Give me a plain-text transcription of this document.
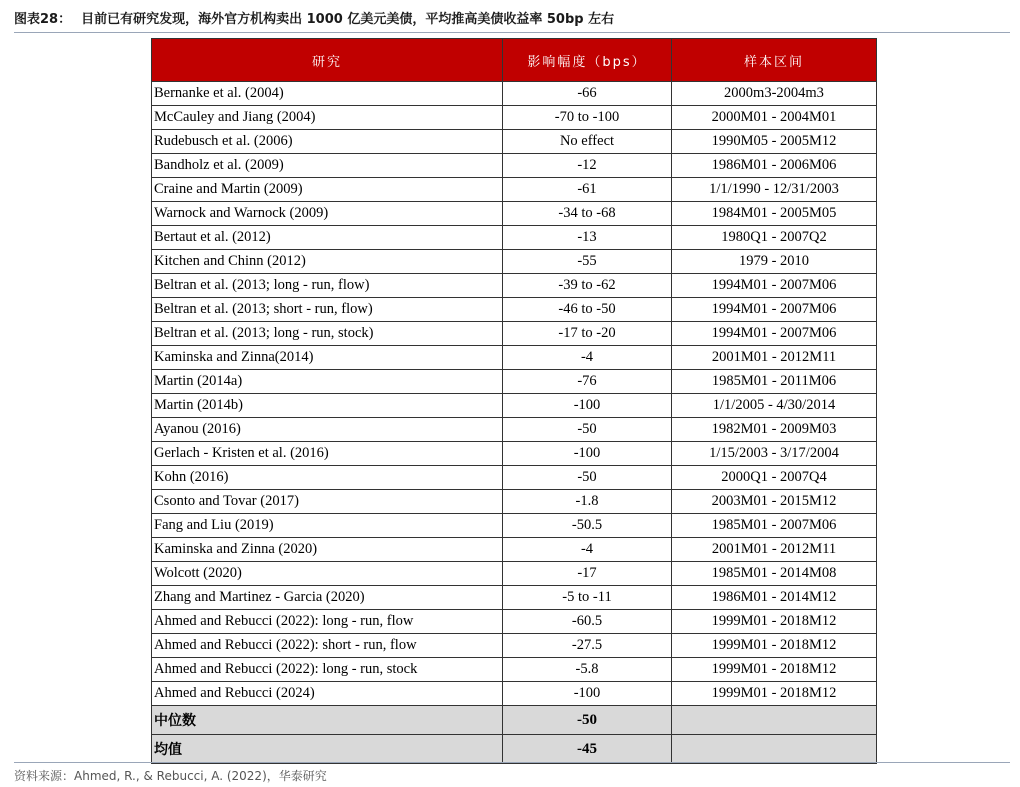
图表28： 目前已有研究发现，海外官方机构卖出 1000 亿美元美债，平均推高美债收益率 50bp 左右
研究	影响幅度（bps）	样本区间
Bernanke et al. (2004)	-66	2000m3-2004m3
McCauley and Jiang (2004)	-70 to -100	2000M01 - 2004M01
Rudebusch et al. (2006)	No effect	1990M05 - 2005M12
Bandholz et al. (2009)	-12	1986M01 - 2006M06
Craine and Martin (2009)	-61	1/1/1990 - 12/31/2003
Warnock and Warnock (2009)	-34 to -68	1984M01 - 2005M05
Bertaut et al. (2012)	-13	1980Q1 - 2007Q2
Kitchen and Chinn (2012)	-55	1979 - 2010
Beltran et al. (2013; long - run, flow)	-39 to -62	1994M01 - 2007M06
Beltran et al. (2013; short - run, flow)	-46 to -50	1994M01 - 2007M06
Beltran et al. (2013; long - run, stock)	-17 to -20	1994M01 - 2007M06
Kaminska and Zinna(2014)	-4	2001M01 - 2012M11
Martin (2014a)	-76	1985M01 - 2011M06
Martin (2014b)	-100	1/1/2005 - 4/30/2014
Ayanou (2016)	-50	1982M01 - 2009M03
Gerlach - Kristen et al. (2016)	-100	1/15/2003 - 3/17/2004
Kohn (2016)	-50	2000Q1 - 2007Q4
Csonto and Tovar (2017)	-1.8	2003M01 - 2015M12
Fang and Liu (2019)	-50.5	1985M01 - 2007M06
Kaminska and Zinna (2020)	-4	2001M01 - 2012M11
Wolcott (2020)	-17	1985M01 - 2014M08
Zhang and Martinez - Garcia (2020)	-5 to -11	1986M01 - 2014M12
Ahmed and Rebucci (2022): long - run, flow	-60.5	1999M01 - 2018M12
Ahmed and Rebucci (2022): short - run, flow	-27.5	1999M01 - 2018M12
Ahmed and Rebucci (2022): long - run, stock	-5.8	1999M01 - 2018M12
Ahmed and Rebucci (2024)	-100	1999M01 - 2018M12
中位数	-50	
均值	-45	
资料来源：Ahmed, R., & Rebucci, A. (2022)，华泰研究
